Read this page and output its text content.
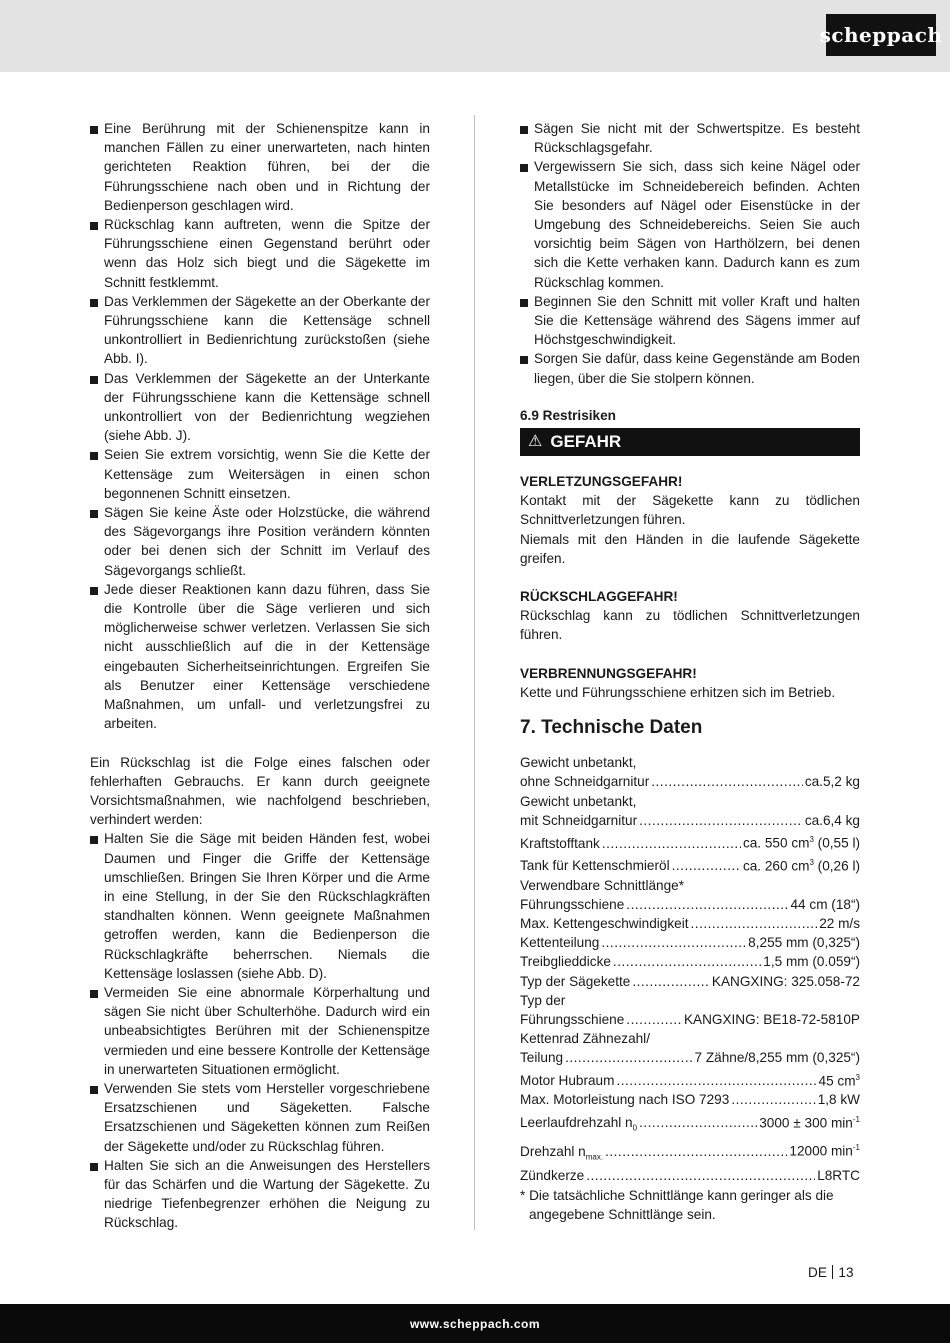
scheppach
Eine Berührung mit der Schienenspitze kann in manchen Fällen zu einer unerwarteten, nach hinten gerichteten Reaktion führen, bei der die Führungsschiene nach oben und in Richtung der Bedienperson geschlagen wird.
Rückschlag kann auftreten, wenn die Spitze der Führungsschiene einen Gegenstand berührt oder wenn das Holz sich biegt und die Sägekette im Schnitt festklemmt.
Das Verklemmen der Sägekette an der Oberkante der Führungsschiene kann die Kettensäge schnell unkontrolliert in Bedienrichtung zurückstoßen (siehe Abb. I).
Das Verklemmen der Sägekette an der Unterkante der Führungsschiene kann die Kettensäge schnell unkontrolliert von der Bedienrichtung wegziehen (siehe Abb. J).
Seien Sie extrem vorsichtig, wenn Sie die Kette der Kettensäge zum Weitersägen in einen schon begonnenen Schnitt einsetzen.
Sägen Sie keine Äste oder Holzstücke, die während des Sägevorgangs ihre Position verändern könnten oder bei denen sich der Schnitt im Verlauf des Sägevorgangs schließt.
Jede dieser Reaktionen kann dazu führen, dass Sie die Kontrolle über die Säge verlieren und sich möglicherweise schwer verletzen. Verlassen Sie sich nicht ausschließlich auf die in der Kettensäge eingebauten Sicherheitseinrichtungen. Ergreifen Sie als Benutzer einer Kettensäge verschiedene Maßnahmen, um unfall- und verletzungsfrei zu arbeiten.

Ein Rückschlag ist die Folge eines falschen oder fehlerhaften Gebrauchs. Er kann durch geeignete Vorsichtsmaßnahmen, wie nachfolgend beschrieben, verhindert werden:

Halten Sie die Säge mit beiden Händen fest, wobei Daumen und Finger die Griffe der Kettensäge umschließen. Bringen Sie Ihren Körper und die Arme in eine Stellung, in der Sie den Rückschlagkräften standhalten können. Wenn geeignete Maßnahmen getroffen werden, kann die Bedienperson die Rückschlagkräfte beherrschen. Niemals die Kettensäge loslassen (siehe Abb. D).
Vermeiden Sie eine abnormale Körperhaltung und sägen Sie nicht über Schulterhöhe. Dadurch wird ein unbeabsichtigtes Berühren mit der Schienenspitze vermieden und eine bessere Kontrolle der Kettensäge in unerwarteten Situationen ermöglicht.
Verwenden Sie stets vom Hersteller vorgeschriebene Ersatzschienen und Sägeketten. Falsche Ersatzschienen und Sägeketten können zum Reißen der Sägekette und/oder zu Rückschlag führen.
Halten Sie sich an die Anweisungen des Herstellers für das Schärfen und die Wartung der Sägekette. Zu niedrige Tiefenbegrenzer erhöhen die Neigung zu Rückschlag.
Sägen Sie nicht mit der Schwertspitze. Es besteht Rückschlagsgefahr.
Vergewissern Sie sich, dass sich keine Nägel oder Metallstücke im Schneidebereich befinden. Achten Sie besonders auf Nägel oder Eisenstücke in der Umgebung des Schneidebereichs. Seien Sie auch vorsichtig beim Sägen von Harthölzern, bei denen sich die Kette verhaken kann. Dadurch kann es zum Rückschlag kommen.
Beginnen Sie den Schnitt mit voller Kraft und halten Sie die Kettensäge während des Sägens immer auf Höchstgeschwindigkeit.
Sorgen Sie dafür, dass keine Gegenstände am Boden liegen, über die Sie stolpern können.
6.9 Restrisiken
⚠ GEFAHR
VERLETZUNGSGEFAHR!

Kontakt mit der Sägekette kann zu tödlichen Schnittverletzungen führen.

Niemals mit den Händen in die laufende Sägekette greifen.

RÜCKSCHLAGGEFAHR!

Rückschlag kann zu tödlichen Schnittverletzungen führen.

VERBRENNUNGSGEFAHR!

Kette und Führungsschiene erhitzen sich im Betrieb.

7. Technische Daten
Gewicht unbetankt,
ohne Schneidgarnitur .....	ca.5,2 kg
Gewicht unbetankt,
mit Schneidgarnitur .....	ca.6,4 kg
Kraftstofftank .....	ca. 550 $cm^3$ (0,55 l)
Tank für Kettenschmieröl .....	ca. 260 $cm^3$ (0,26 l)
Verwendbare Schnittlänge*
Führungsschiene .....	44 cm (18“)
Max. Kettengeschwindigkeit .....	22 m/s
Kettenteilung .....	8,255 mm (0,325“)
Treibglieddicke .....	1,5 mm (0.059“)
Typ der Sägekette .....	KANGXING: 325.058-72
Typ der
Führungsschiene .....	KANGXING: BE18-72-5810P
Kettenrad Zähnezahl/
Teilung .....	7 Zähne/8,255 mm (0,325“)
Motor Hubraum .....	45 $cm^3$
Max. Motorleistung nach ISO 7293 .....	1,8 kW
Leerlaufdrehzahl $n_0$ .....	3000 ± 300 $\min^{-1}$
Drehzahl $n_{max.}$ .....	12000 $\min^{-1}$
Zündkerze .....	L8RTC
* Die tatsächliche Schnittlänge kann geringer als die angegebene Schnittlänge sein.
DE 13
www.scheppach.com
